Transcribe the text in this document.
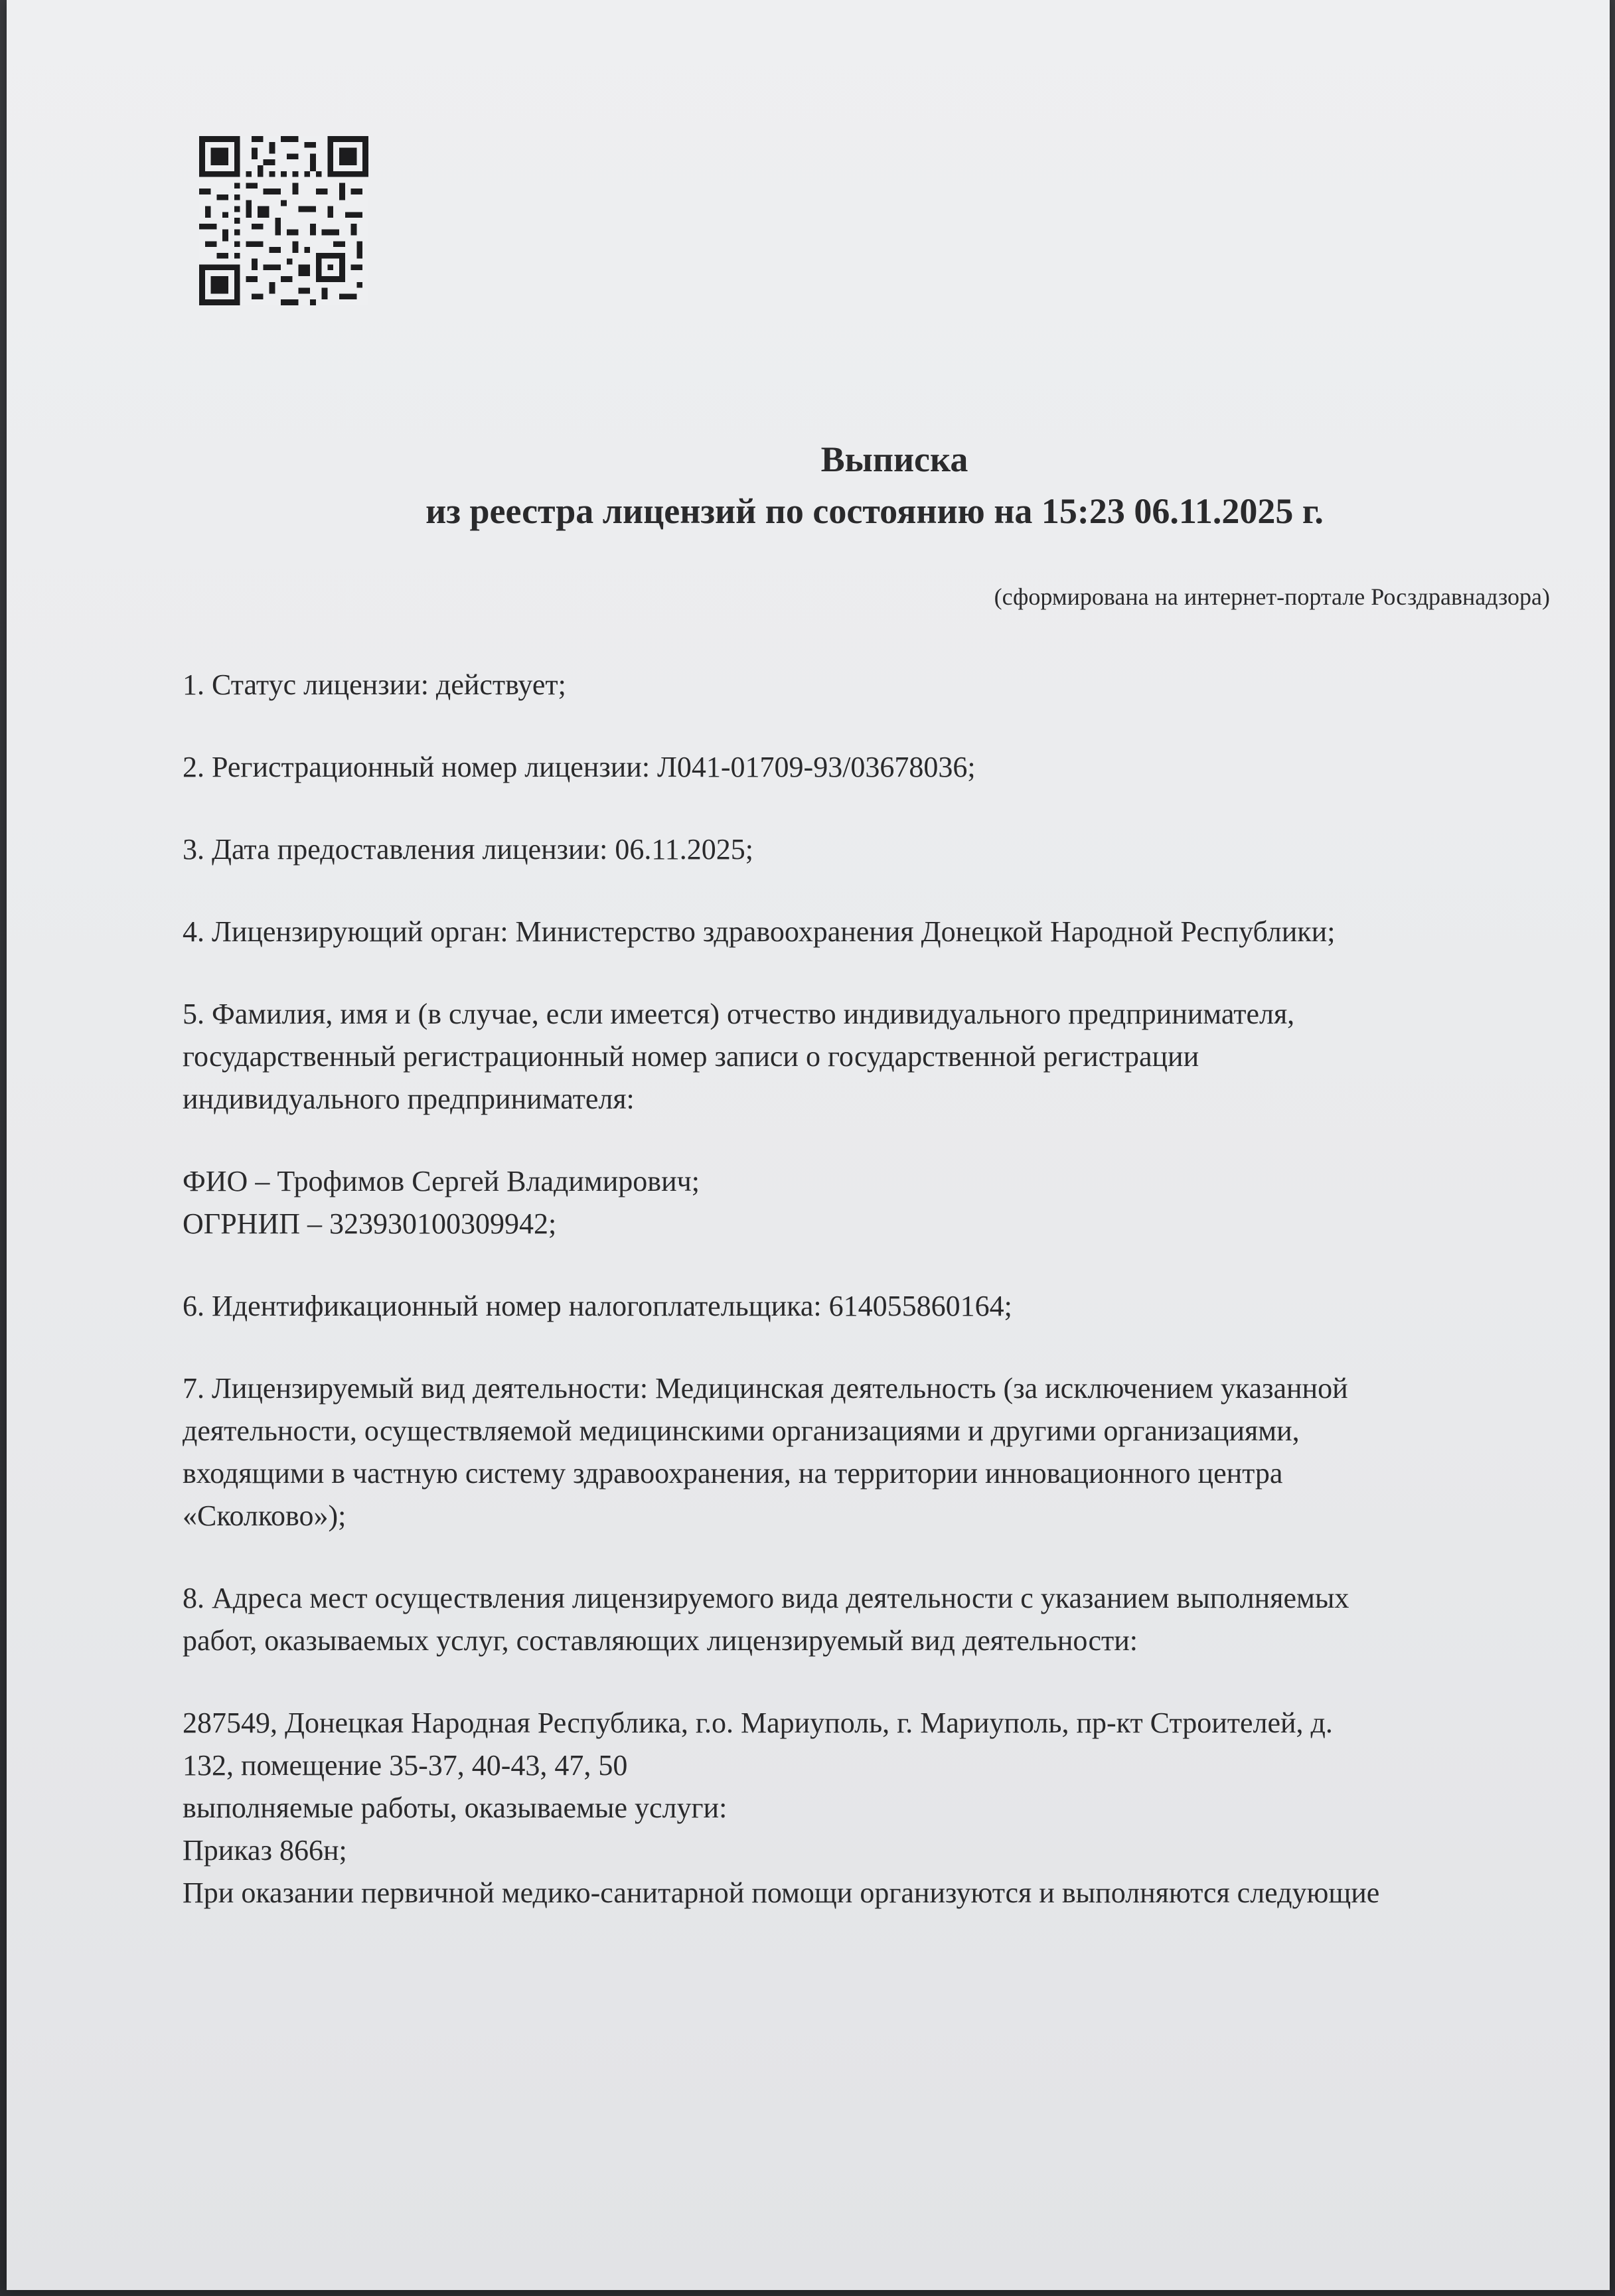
Выписка
из реестра лицензий по состоянию на 15:23 06.11.2025 г.
(сформирована на интернет-портале Росздравнадзора)

1. Статус лицензии: действует;

2. Регистрационный номер лицензии: Л041-01709-93/03678036;

3. Дата предоставления лицензии: 06.11.2025;

4. Лицензирующий орган: Министерство здравоохранения Донецкой Народной Республики;

5. Фамилия, имя и (в случае, если имеется) отчество индивидуального предпринимателя,

государственный регистрационный номер записи о государственной регистрации

индивидуального предпринимателя:

ФИО – Трофимов Сергей Владимирович;

ОГРНИП – 323930100309942;

6. Идентификационный номер налогоплательщика: 614055860164;

7. Лицензируемый вид деятельности: Медицинская деятельность (за исключением указанной

деятельности, осуществляемой медицинскими организациями и другими организациями,

входящими в частную систему здравоохранения, на территории инновационного центра

«Сколково»);

8. Адреса мест осуществления лицензируемого вида деятельности с указанием выполняемых

работ, оказываемых услуг, составляющих лицензируемый вид деятельности:

287549, Донецкая Народная Республика, г.о. Мариуполь, г. Мариуполь, пр-кт Строителей, д.

132, помещение 35-37, 40-43, 47, 50

выполняемые работы, оказываемые услуги:

Приказ 866н;

При оказании первичной медико-санитарной помощи организуются и выполняются следующие
